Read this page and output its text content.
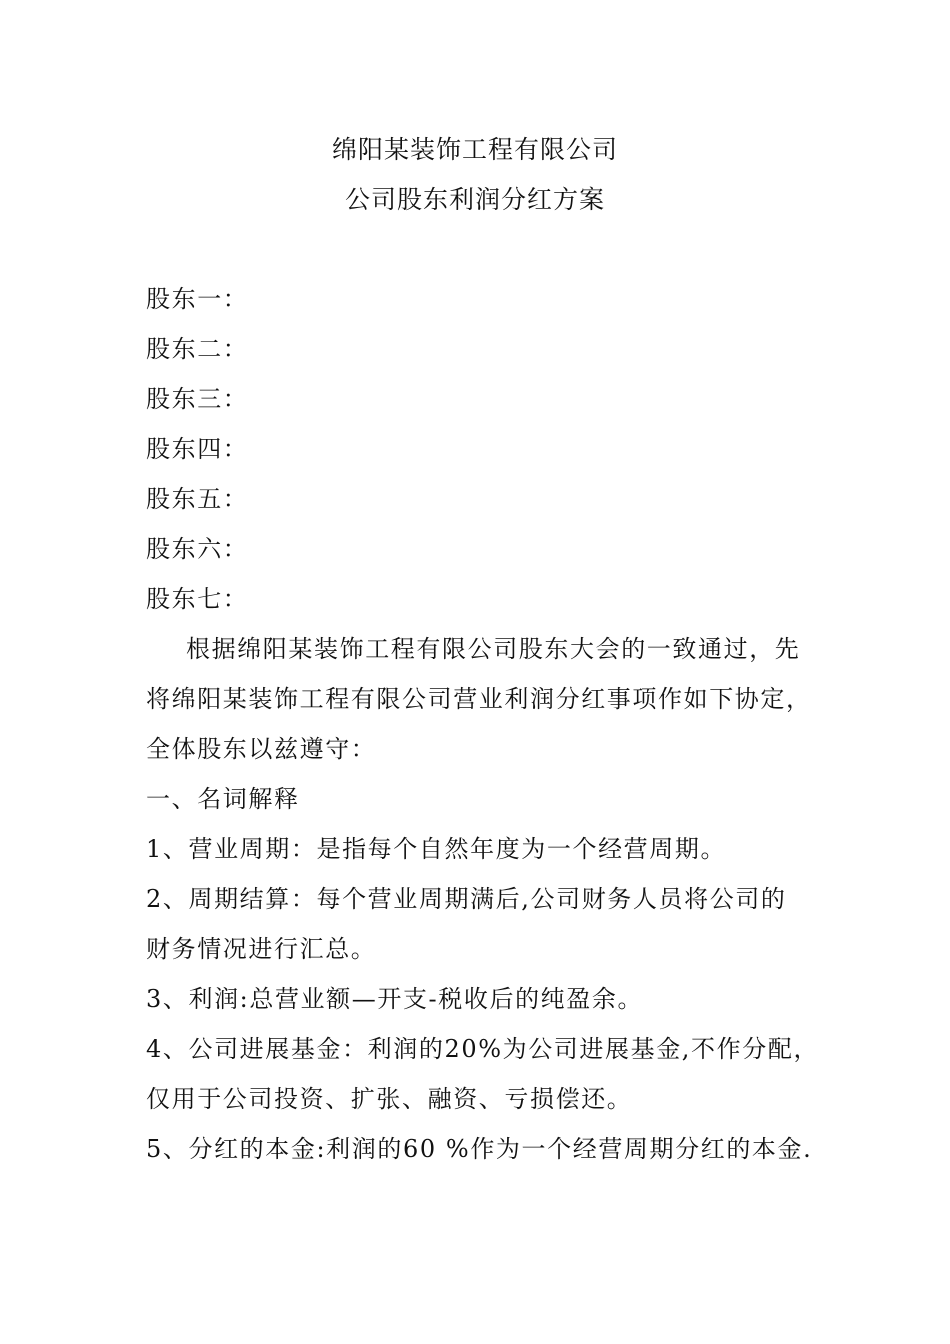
绵阳某装饰工程有限公司
公司股东利润分红方案
股东一：
股东二：
股东三：
股东四：
股东五：
股东六：
股东七：
根据绵阳某装饰工程有限公司股东大会的一致通过，先
将绵阳某装饰工程有限公司营业利润分红事项作如下协定，
全体股东以兹遵守：
一、名词解释
1、营业周期：是指每个自然年度为一个经营周期。
2、周期结算：每个营业周期满后,公司财务人员将公司的
财务情况进行汇总。
3、利润:总营业额—开支-税收后的纯盈余。
4、公司进展基金：利润的20%为公司进展基金,不作分配，
仅用于公司投资、扩张、融资、亏损偿还。
5、分红的本金:利润的60 %作为一个经营周期分红的本金.
